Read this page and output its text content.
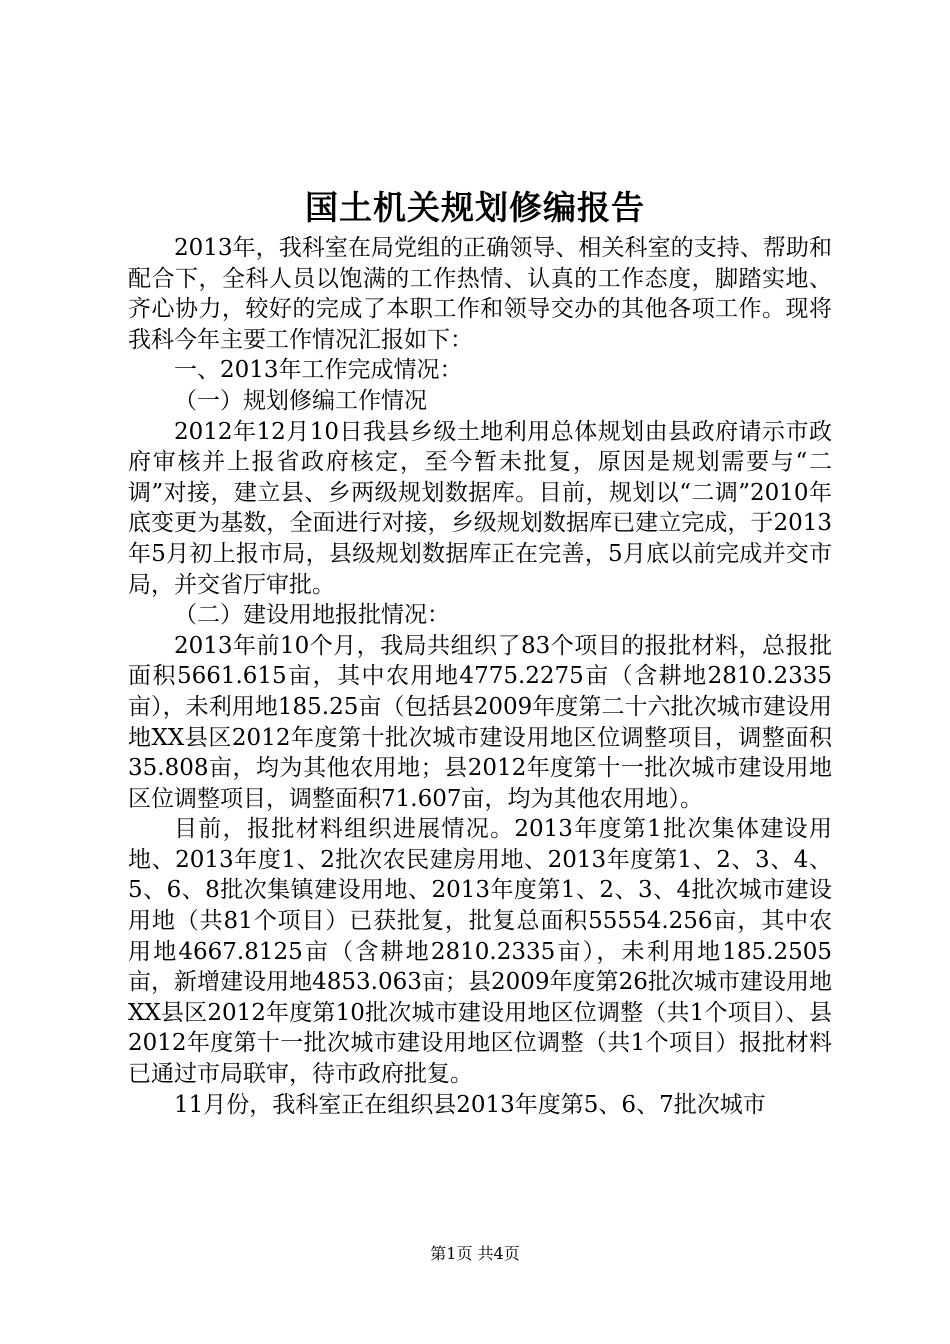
国土机关规划修编报告

2013年，我科室在局党组的正确领导、相关科室的支持、帮助和配合下，全科人员以饱满的工作热情、认真的工作态度，脚踏实地、齐心协力，较好的完成了本职工作和领导交办的其他各项工作。现将我科今年主要工作情况汇报如下：

一、2013年工作完成情况：

（一）规划修编工作情况

2012年12月10日我县乡级土地利用总体规划由县政府请示市政府审核并上报省政府核定，至今暂未批复，原因是规划需要与“二调”对接，建立县、乡两级规划数据库。目前，规划以“二调”2010年底变更为基数，全面进行对接，乡级规划数据库已建立完成，于2013年5月初上报市局，县级规划数据库正在完善，5月底以前完成并交市局，并交省厅审批。

（二）建设用地报批情况：

2013年前10个月，我局共组织了83个项目的报批材料，总报批面积5661.615亩，其中农用地4775.2275亩（含耕地2810.2335亩），未利用地185.25亩（包括县2009年度第二十六批次城市建设用地XX县区2012年度第十批次城市建设用地区位调整项目，调整面积35.808亩，均为其他农用地；县2012年度第十一批次城市建设用地区位调整项目，调整面积71.607亩，均为其他农用地）。

目前，报批材料组织进展情况。2013年度第1批次集体建设用地、2013年度1、2批次农民建房用地、2013年度第1、2、3、4、5、6、8批次集镇建设用地、2013年度第1、2、3、4批次城市建设用地（共81个项目）已获批复，批复总面积55554.256亩，其中农用地4667.8125亩（含耕地2810.2335亩），未利用地185.2505亩，新增建设用地4853.063亩；县2009年度第26批次城市建设用地XX县区2012年度第10批次城市建设用地区位调整（共1个项目）、县2012年度第十一批次城市建设用地区位调整（共1个项目）报批材料已通过市局联审，待市政府批复。

11月份，我科室正在组织县2013年度第5、6、7批次城市

第1页 共4页
